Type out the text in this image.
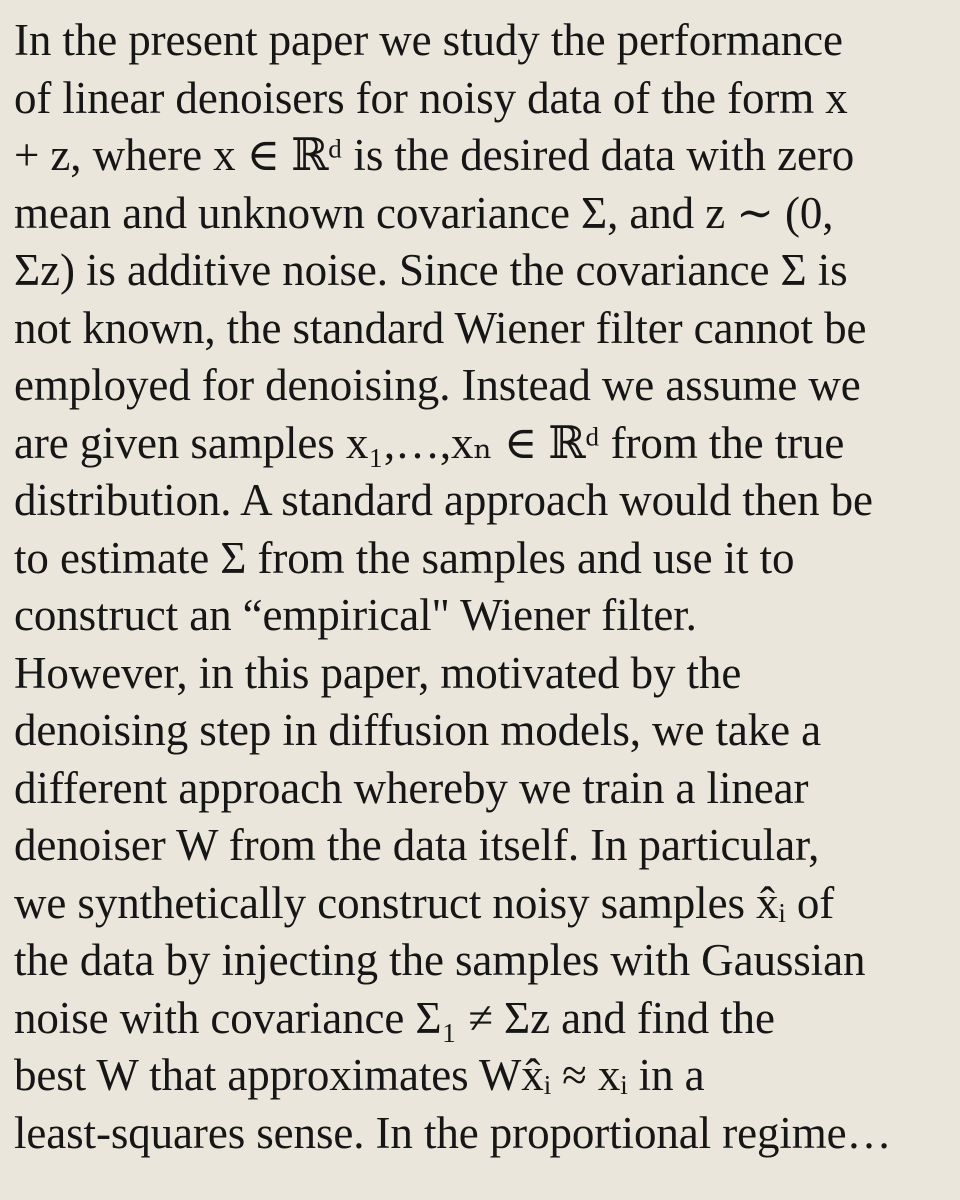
In the present paper we study the performance
of linear denoisers for noisy data of the form x
+ z, where x ∈ ℝᵈ is the desired data with zero
mean and unknown covariance Σ, and z ∼ (0,
Σz) is additive noise. Since the covariance Σ is
not known, the standard Wiener filter cannot be
employed for denoising. Instead we assume we
are given samples x₁,…,xₙ ∈ ℝᵈ from the true
distribution. A standard approach would then be
to estimate Σ from the samples and use it to
construct an “empirical" Wiener filter.
However, in this paper, motivated by the
denoising step in diffusion models, we take a
different approach whereby we train a linear
denoiser W from the data itself. In particular,
we synthetically construct noisy samples x̂ᵢ of
the data by injecting the samples with Gaussian
noise with covariance Σ₁ ≠ Σz and find the
best W that approximates Wx̂ᵢ ≈ xᵢ in a
least-squares sense. In the proportional regime…
